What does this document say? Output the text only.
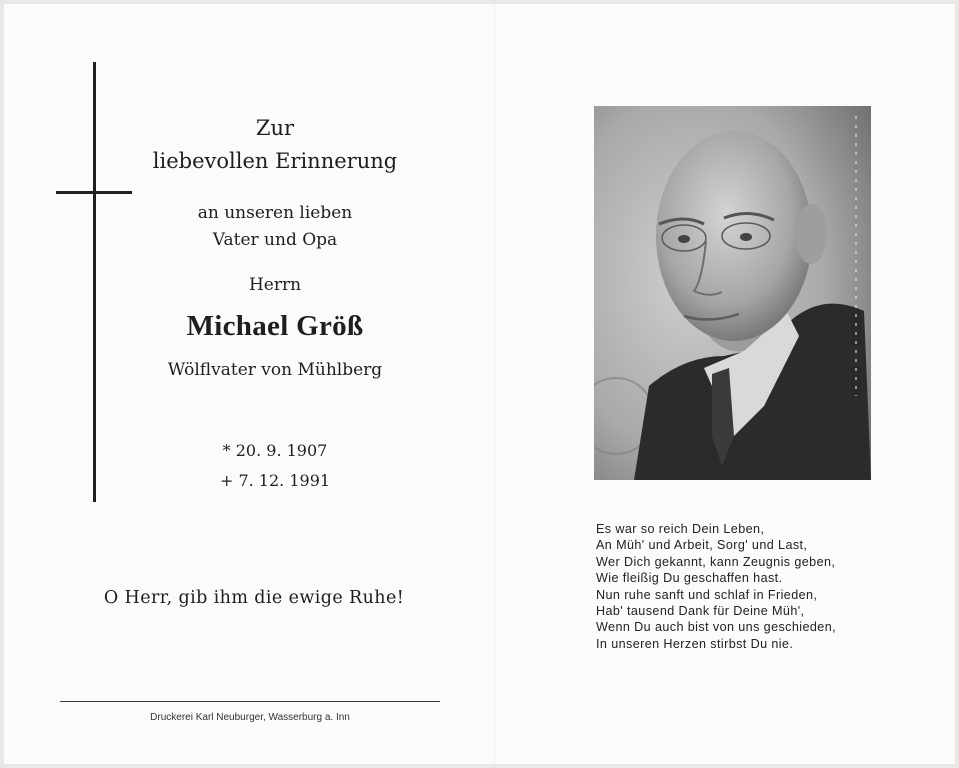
Zur
liebevollen Erinnerung
an unseren lieben
Vater und Opa
Herrn
Michael Größ
Wölflvater von Mühlberg
* 20. 9. 1907
+ 7. 12. 1991
O Herr, gib ihm die ewige Ruhe!
Druckerei Karl Neuburger, Wasserburg a. Inn
Es war so reich Dein Leben,
An Müh' und Arbeit, Sorg' und Last,
Wer Dich gekannt, kann Zeugnis geben,
Wie fleißig Du geschaffen hast.
Nun ruhe sanft und schlaf in Frieden,
Hab' tausend Dank für Deine Müh',
Wenn Du auch bist von uns geschieden,
In unseren Herzen stirbst Du nie.
